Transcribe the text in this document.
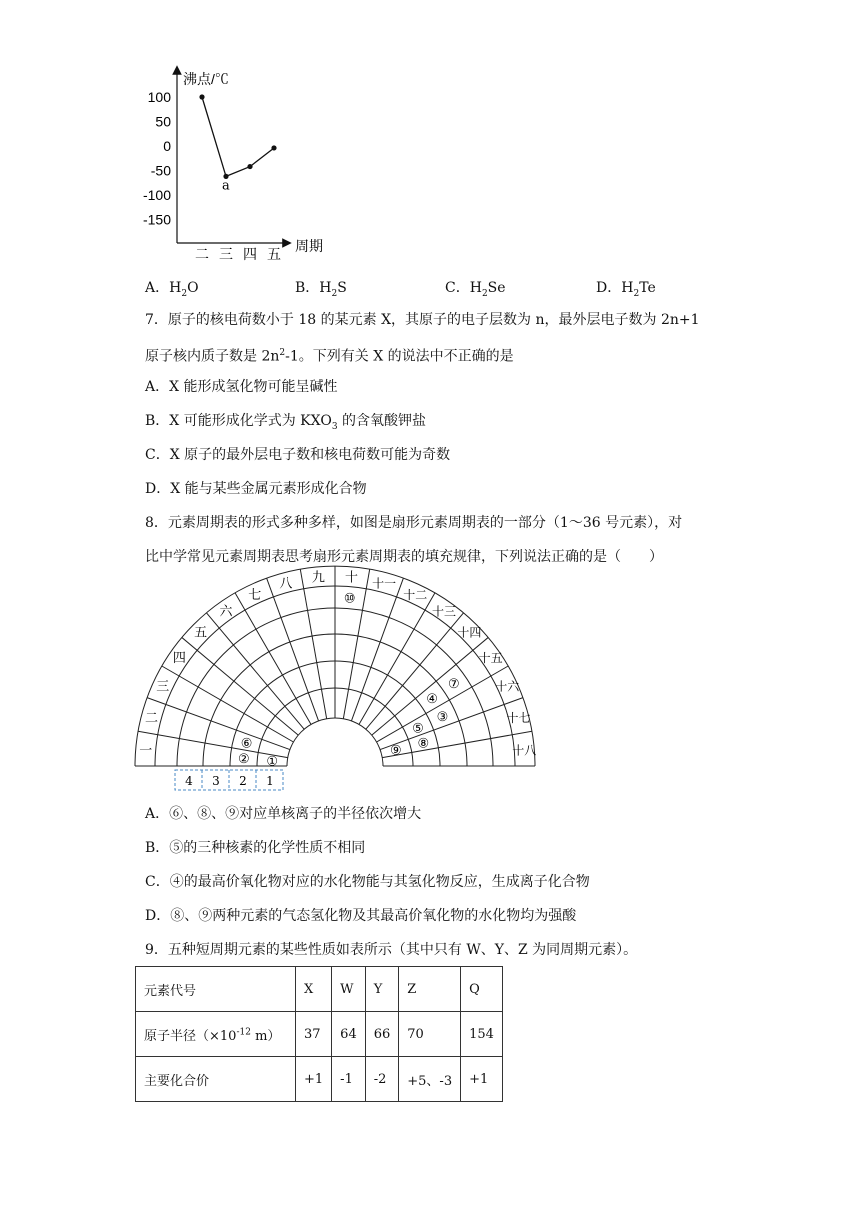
沸点/℃
周期
100
50
0
-50
-100
-150
二 三 四 五
a
A．$H_2O$	B．$H_2S$	C．$H_2Se$	D．$H_2Te$
7．原子的核电荷数小于 18 的某元素 X，其原子的电子层数为 n，最外层电子数为 2n+1
原子核内质子数是 $2n^2-1$。下列有关 X 的说法中不正确的是
A．X 能形成氢化物可能呈碱性
B．X 可能形成化学式为 $KXO_3$ 的含氧酸钾盐
C．X 原子的最外层电子数和核电荷数可能为奇数
D．X 能与某些金属元素形成化合物
8．元素周期表的形式多种多样，如图是扇形元素周期表的一部分（1～36 号元素），对
比中学常见元素周期表思考扇形元素周期表的填充规律，下列说法正确的是（　　）
一
二
三
四
五
六
七
八 九 十 十一
十二
十三
十四
十五
十六
十七
十八
①
②
③
④
⑤
⑥
⑦
⑧
⑨
⑩
4 3 2 1
A．⑥、⑧、⑨对应单核离子的半径依次增大
B．⑤的三种核素的化学性质不相同
C．④的最高价氧化物对应的水化物能与其氢化物反应，生成离子化合物
D．⑧、⑨两种元素的气态氢化物及其最高价氧化物的水化物均为强酸
9．五种短周期元素的某些性质如表所示（其中只有 W、Y、Z 为同周期元素）。
元素代号	X	W	Y	Z	Q
原子半径（$\times 10^{-12}$ m）	37	64	66	70	154
主要化合价	+1	-1	-2	+5、-3	+1
